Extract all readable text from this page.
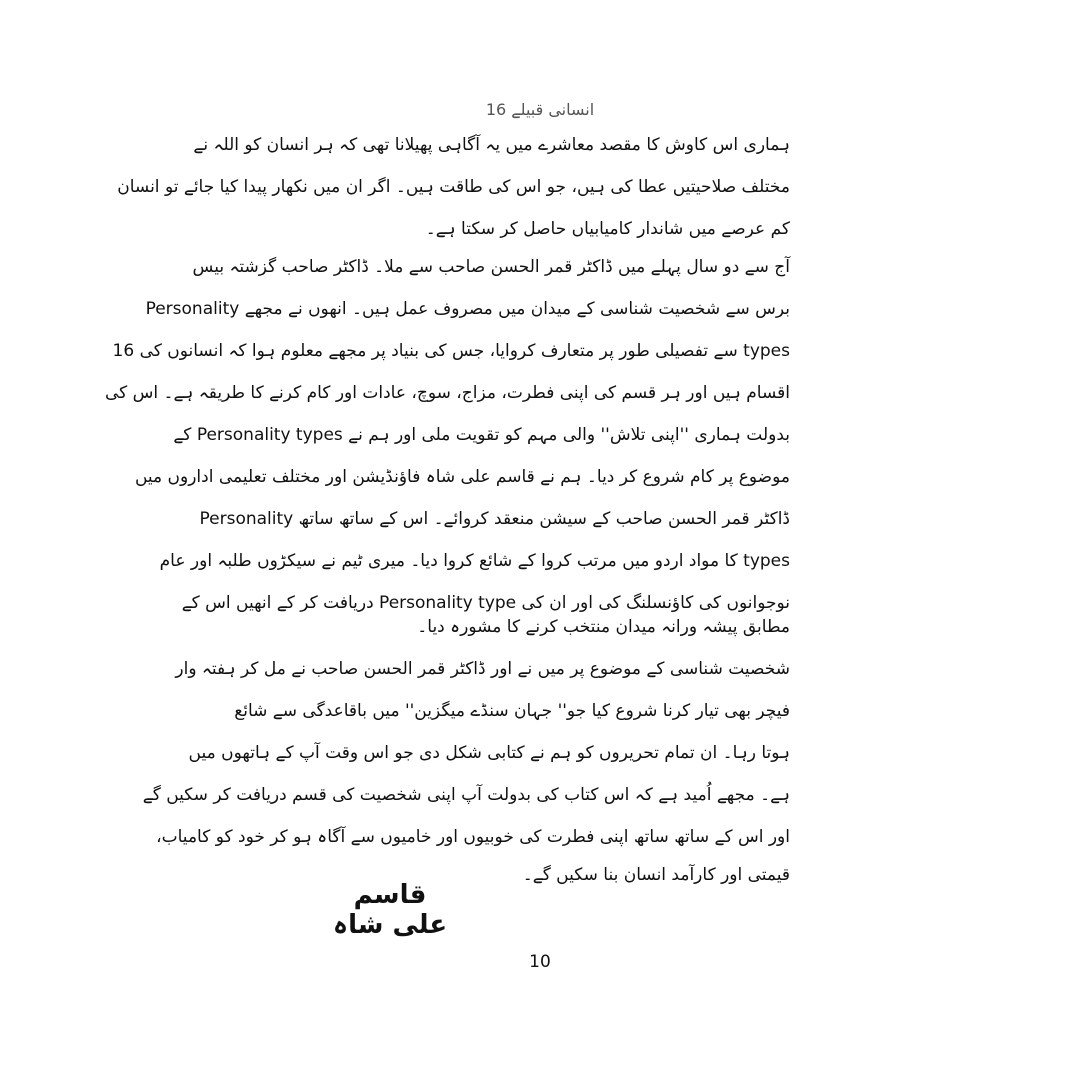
16 انسانی قبیلے
ہماری اس کاوش کا مقصد معاشرے میں یہ آگاہی پھیلانا تھی کہ ہر انسان کو اللہ نے
مختلف صلاحیتیں عطا کی ہیں، جو اس کی طاقت ہیں۔ اگر ان میں نکھار پیدا کیا جائے تو انسان
کم عرصے میں شاندار کامیابیاں حاصل کر سکتا ہے۔
آج سے دو سال پہلے میں ڈاکٹر قمر الحسن صاحب سے ملا۔ ڈاکٹر صاحب گزشتہ بیس
برس سے شخصیت شناسی کے میدان میں مصروف عمل ہیں۔ انھوں نے مجھے Personality
types سے تفصیلی طور پر متعارف کروایا، جس کی بنیاد پر مجھے معلوم ہوا کہ انسانوں کی 16
اقسام ہیں اور ہر قسم کی اپنی فطرت، مزاج، سوچ، عادات اور کام کرنے کا طریقہ ہے۔ اس کی
بدولت ہماری ''اپنی تلاش'' والی مہم کو تقویت ملی اور ہم نے Personality types کے
موضوع پر کام شروع کر دیا۔ ہم نے قاسم علی شاہ فاؤنڈیشن اور مختلف تعلیمی اداروں میں
ڈاکٹر قمر الحسن صاحب کے سیشن منعقد کروائے۔ اس کے ساتھ ساتھ Personality
types کا مواد اردو میں مرتب کروا کے شائع کروا دیا۔ میری ٹیم نے سیکڑوں طلبہ اور عام
نوجوانوں کی کاؤنسلنگ کی اور ان کی Personality type دریافت کر کے انھیں اس کے
مطابق پیشہ ورانہ میدان منتخب کرنے کا مشورہ دیا۔
شخصیت شناسی کے موضوع پر میں نے اور ڈاکٹر قمر الحسن صاحب نے مل کر ہفتہ وار
فیچر بھی تیار کرنا شروع کیا جو'' جہان سنڈے میگزین'' میں باقاعدگی سے شائع
ہوتا رہا۔ ان تمام تحریروں کو ہم نے کتابی شکل دی جو اس وقت آپ کے ہاتھوں میں
ہے۔ مجھے اُمید ہے کہ اس کتاب کی بدولت آپ اپنی شخصیت کی قسم دریافت کر سکیں گے
اور اس کے ساتھ ساتھ اپنی فطرت کی خوبیوں اور خامیوں سے آگاہ ہو کر خود کو کامیاب،
قیمتی اور کارآمد انسان بنا سکیں گے۔
قاسم علی شاہ
10
